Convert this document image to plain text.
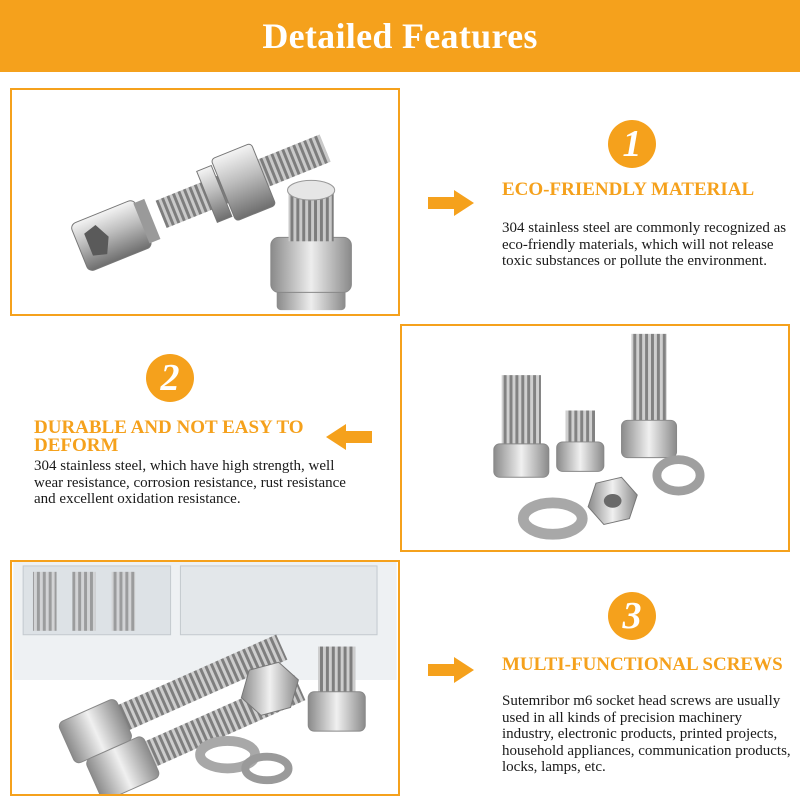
Detailed Features
1
ECO-FRIENDLY MATERIAL
304 stainless steel are commonly recognized as eco-friendly materials, which will not release toxic substances or pollute the environment.
2
DURABLE AND NOT EASY TO DEFORM
304 stainless steel, which have high strength, well wear resistance, corrosion resistance, rust resistance and excellent oxidation resistance.
3
MULTI-FUNCTIONAL SCREWS
Sutemribor m6 socket head screws are usually used in all kinds of precision machinery industry, electronic products, printed projects, household appliances, communication products, locks, lamps, etc.
